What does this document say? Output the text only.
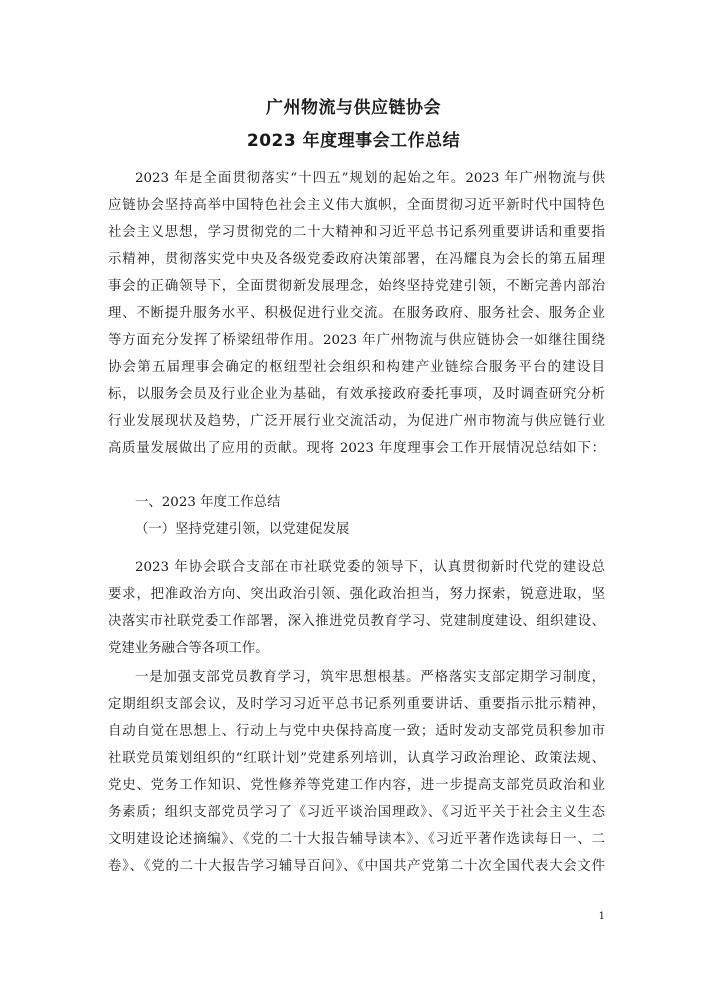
广州物流与供应链协会
2023 年度理事会工作总结
2023 年是全面贯彻落实“十四五”规划的起始之年。2023 年广州物流与供
应链协会坚持高举中国特色社会主义伟大旗帜，全面贯彻习近平新时代中国特色
社会主义思想，学习贯彻党的二十大精神和习近平总书记系列重要讲话和重要指
示精神，贯彻落实党中央及各级党委政府决策部署，在冯耀良为会长的第五届理
事会的正确领导下，全面贯彻新发展理念，始终坚持党建引领，不断完善内部治
理、不断提升服务水平、积极促进行业交流。在服务政府、服务社会、服务企业
等方面充分发挥了桥梁纽带作用。2023 年广州物流与供应链协会一如继往围绕
协会第五届理事会确定的枢纽型社会组织和构建产业链综合服务平台的建设目
标，以服务会员及行业企业为基础，有效承接政府委托事项，及时调查研究分析
行业发展现状及趋势，广泛开展行业交流活动，为促进广州市物流与供应链行业
高质量发展做出了应用的贡献。现将 2023 年度理事会工作开展情况总结如下：
一、2023 年度工作总结
（一）坚持党建引领，以党建促发展
2023 年协会联合支部在市社联党委的领导下，认真贯彻新时代党的建设总
要求，把准政治方向、突出政治引领、强化政治担当，努力探索，锐意进取，坚
决落实市社联党委工作部署，深入推进党员教育学习、党建制度建设、组织建设、
党建业务融合等各项工作。
一是加强支部党员教育学习，筑牢思想根基。严格落实支部定期学习制度，
定期组织支部会议，及时学习习近平总书记系列重要讲话、重要指示批示精神，
自动自觉在思想上、行动上与党中央保持高度一致；适时发动支部党员积参加市
社联党员策划组织的“红联计划”党建系列培训，认真学习政治理论、政策法规、
党史、党务工作知识、党性修养等党建工作内容，进一步提高支部党员政治和业
务素质；组织支部党员学习了《习近平谈治国理政》、《习近平关于社会主义生态
文明建设论述摘编》、《党的二十大报告辅导读本》、《习近平著作选读每日一、二
卷》、《党的二十大报告学习辅导百问》、《中国共产党第二十次全国代表大会文件
1
